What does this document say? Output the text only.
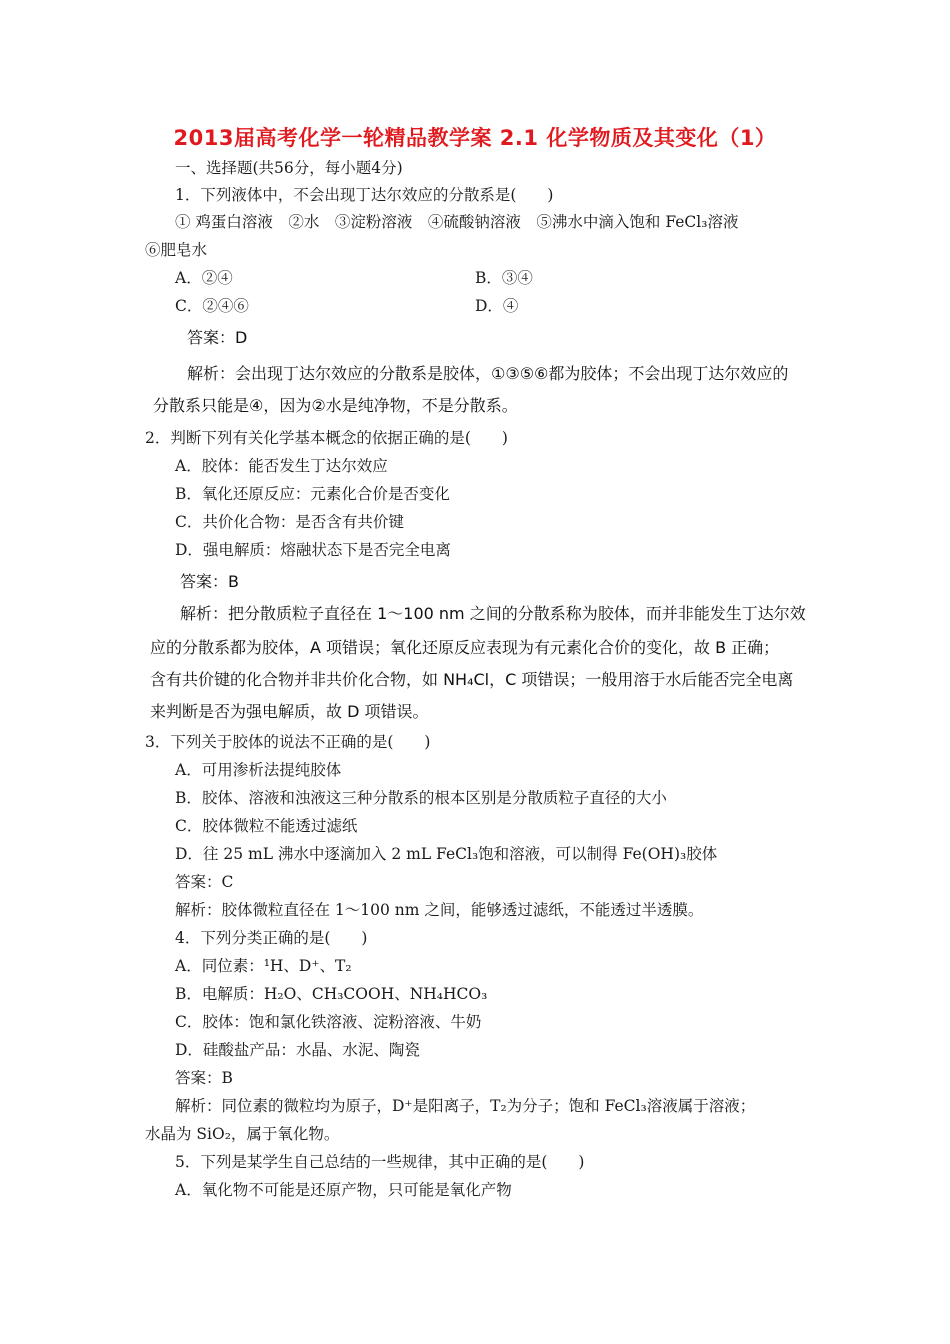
2013届高考化学一轮精品教学案 2.1 化学物质及其变化（1）
一、选择题(共56分，每小题4分)
1．下列液体中，不会出现丁达尔效应的分散系是(　　)
① 鸡蛋白溶液　②水　③淀粉溶液　④硫酸钠溶液　⑤沸水中滴入饱和 FeCl₃溶液
⑥肥皂水
A．②④	B．③④
C．②④⑥	D．④
答案：D
解析：会出现丁达尔效应的分散系是胶体，①③⑤⑥都为胶体；不会出现丁达尔效应的
分散系只能是④，因为②水是纯净物，不是分散系。
2．判断下列有关化学基本概念的依据正确的是(　　)
A．胶体：能否发生丁达尔效应
B．氧化还原反应：元素化合价是否变化
C．共价化合物：是否含有共价键
D．强电解质：熔融状态下是否完全电离
答案：B
解析：把分散质粒子直径在 1～100 nm 之间的分散系称为胶体，而并非能发生丁达尔效
应的分散系都为胶体，A 项错误；氧化还原反应表现为有元素化合价的变化，故 B 正确；
含有共价键的化合物并非共价化合物，如 NH₄Cl，C 项错误；一般用溶于水后能否完全电离
来判断是否为强电解质，故 D 项错误。
3．下列关于胶体的说法不正确的是(　　)
A．可用渗析法提纯胶体
B．胶体、溶液和浊液这三种分散系的根本区别是分散质粒子直径的大小
C．胶体微粒不能透过滤纸
D．往 25 mL 沸水中逐滴加入 2 mL FeCl₃饱和溶液，可以制得 Fe(OH)₃胶体
答案：C
解析：胶体微粒直径在 1～100 nm 之间，能够透过滤纸，不能透过半透膜。
4．下列分类正确的是(　　)
A．同位素：¹H、D⁺、T₂
B．电解质：H₂O、CH₃COOH、NH₄HCO₃
C．胶体：饱和氯化铁溶液、淀粉溶液、牛奶
D．硅酸盐产品：水晶、水泥、陶瓷
答案：B
解析：同位素的微粒均为原子，D⁺是阳离子，T₂为分子；饱和 FeCl₃溶液属于溶液；
水晶为 SiO₂，属于氧化物。
5．下列是某学生自己总结的一些规律，其中正确的是(　　)
A．氧化物不可能是还原产物，只可能是氧化产物
